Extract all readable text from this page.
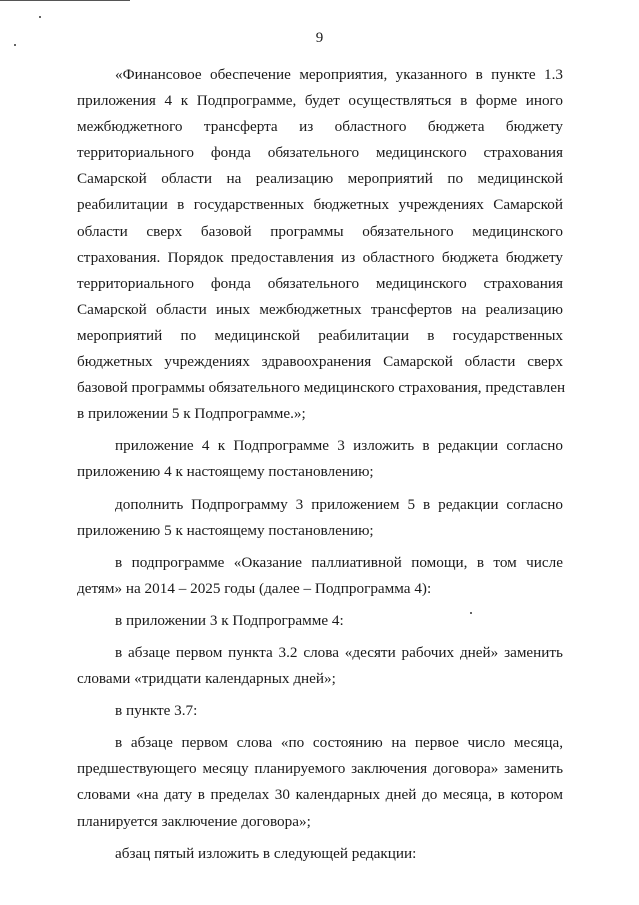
9
«Финансовое обеспечение мероприятия, указанного в пункте 1.3
приложения 4 к Подпрограмме, будет осуществляться в форме иного
межбюджетного трансферта из областного бюджета бюджету
территориального фонда обязательного медицинского страхования
Самарской области на реализацию мероприятий по медицинской
реабилитации в государственных бюджетных учреждениях Самарской
области сверх базовой программы обязательного медицинского
страхования. Порядок предоставления из областного бюджета бюджету
территориального фонда обязательного медицинского страхования
Самарской области иных межбюджетных трансфертов на реализацию
мероприятий по медицинской реабилитации в государственных
бюджетных учреждениях здравоохранения Самарской области сверх
базовой программы обязательного медицинского страхования, представлен
в приложении 5 к Подпрограмме.»;
приложение 4 к Подпрограмме 3 изложить в редакции согласно
приложению 4 к настоящему постановлению;
дополнить Подпрограмму 3 приложением 5 в редакции согласно
приложению 5 к настоящему постановлению;
в подпрограмме «Оказание паллиативной помощи, в том числе
детям» на 2014 – 2025 годы (далее – Подпрограмма 4):
в приложении 3 к Подпрограмме 4:
в абзаце первом пункта 3.2 слова «десяти рабочих дней» заменить
словами «тридцати календарных дней»;
в пункте 3.7:
в абзаце первом слова «по состоянию на первое число месяца,
предшествующего месяцу планируемого заключения договора» заменить
словами «на дату в пределах 30 календарных дней до месяца, в котором
планируется заключение договора»;
абзац пятый изложить в следующей редакции:
